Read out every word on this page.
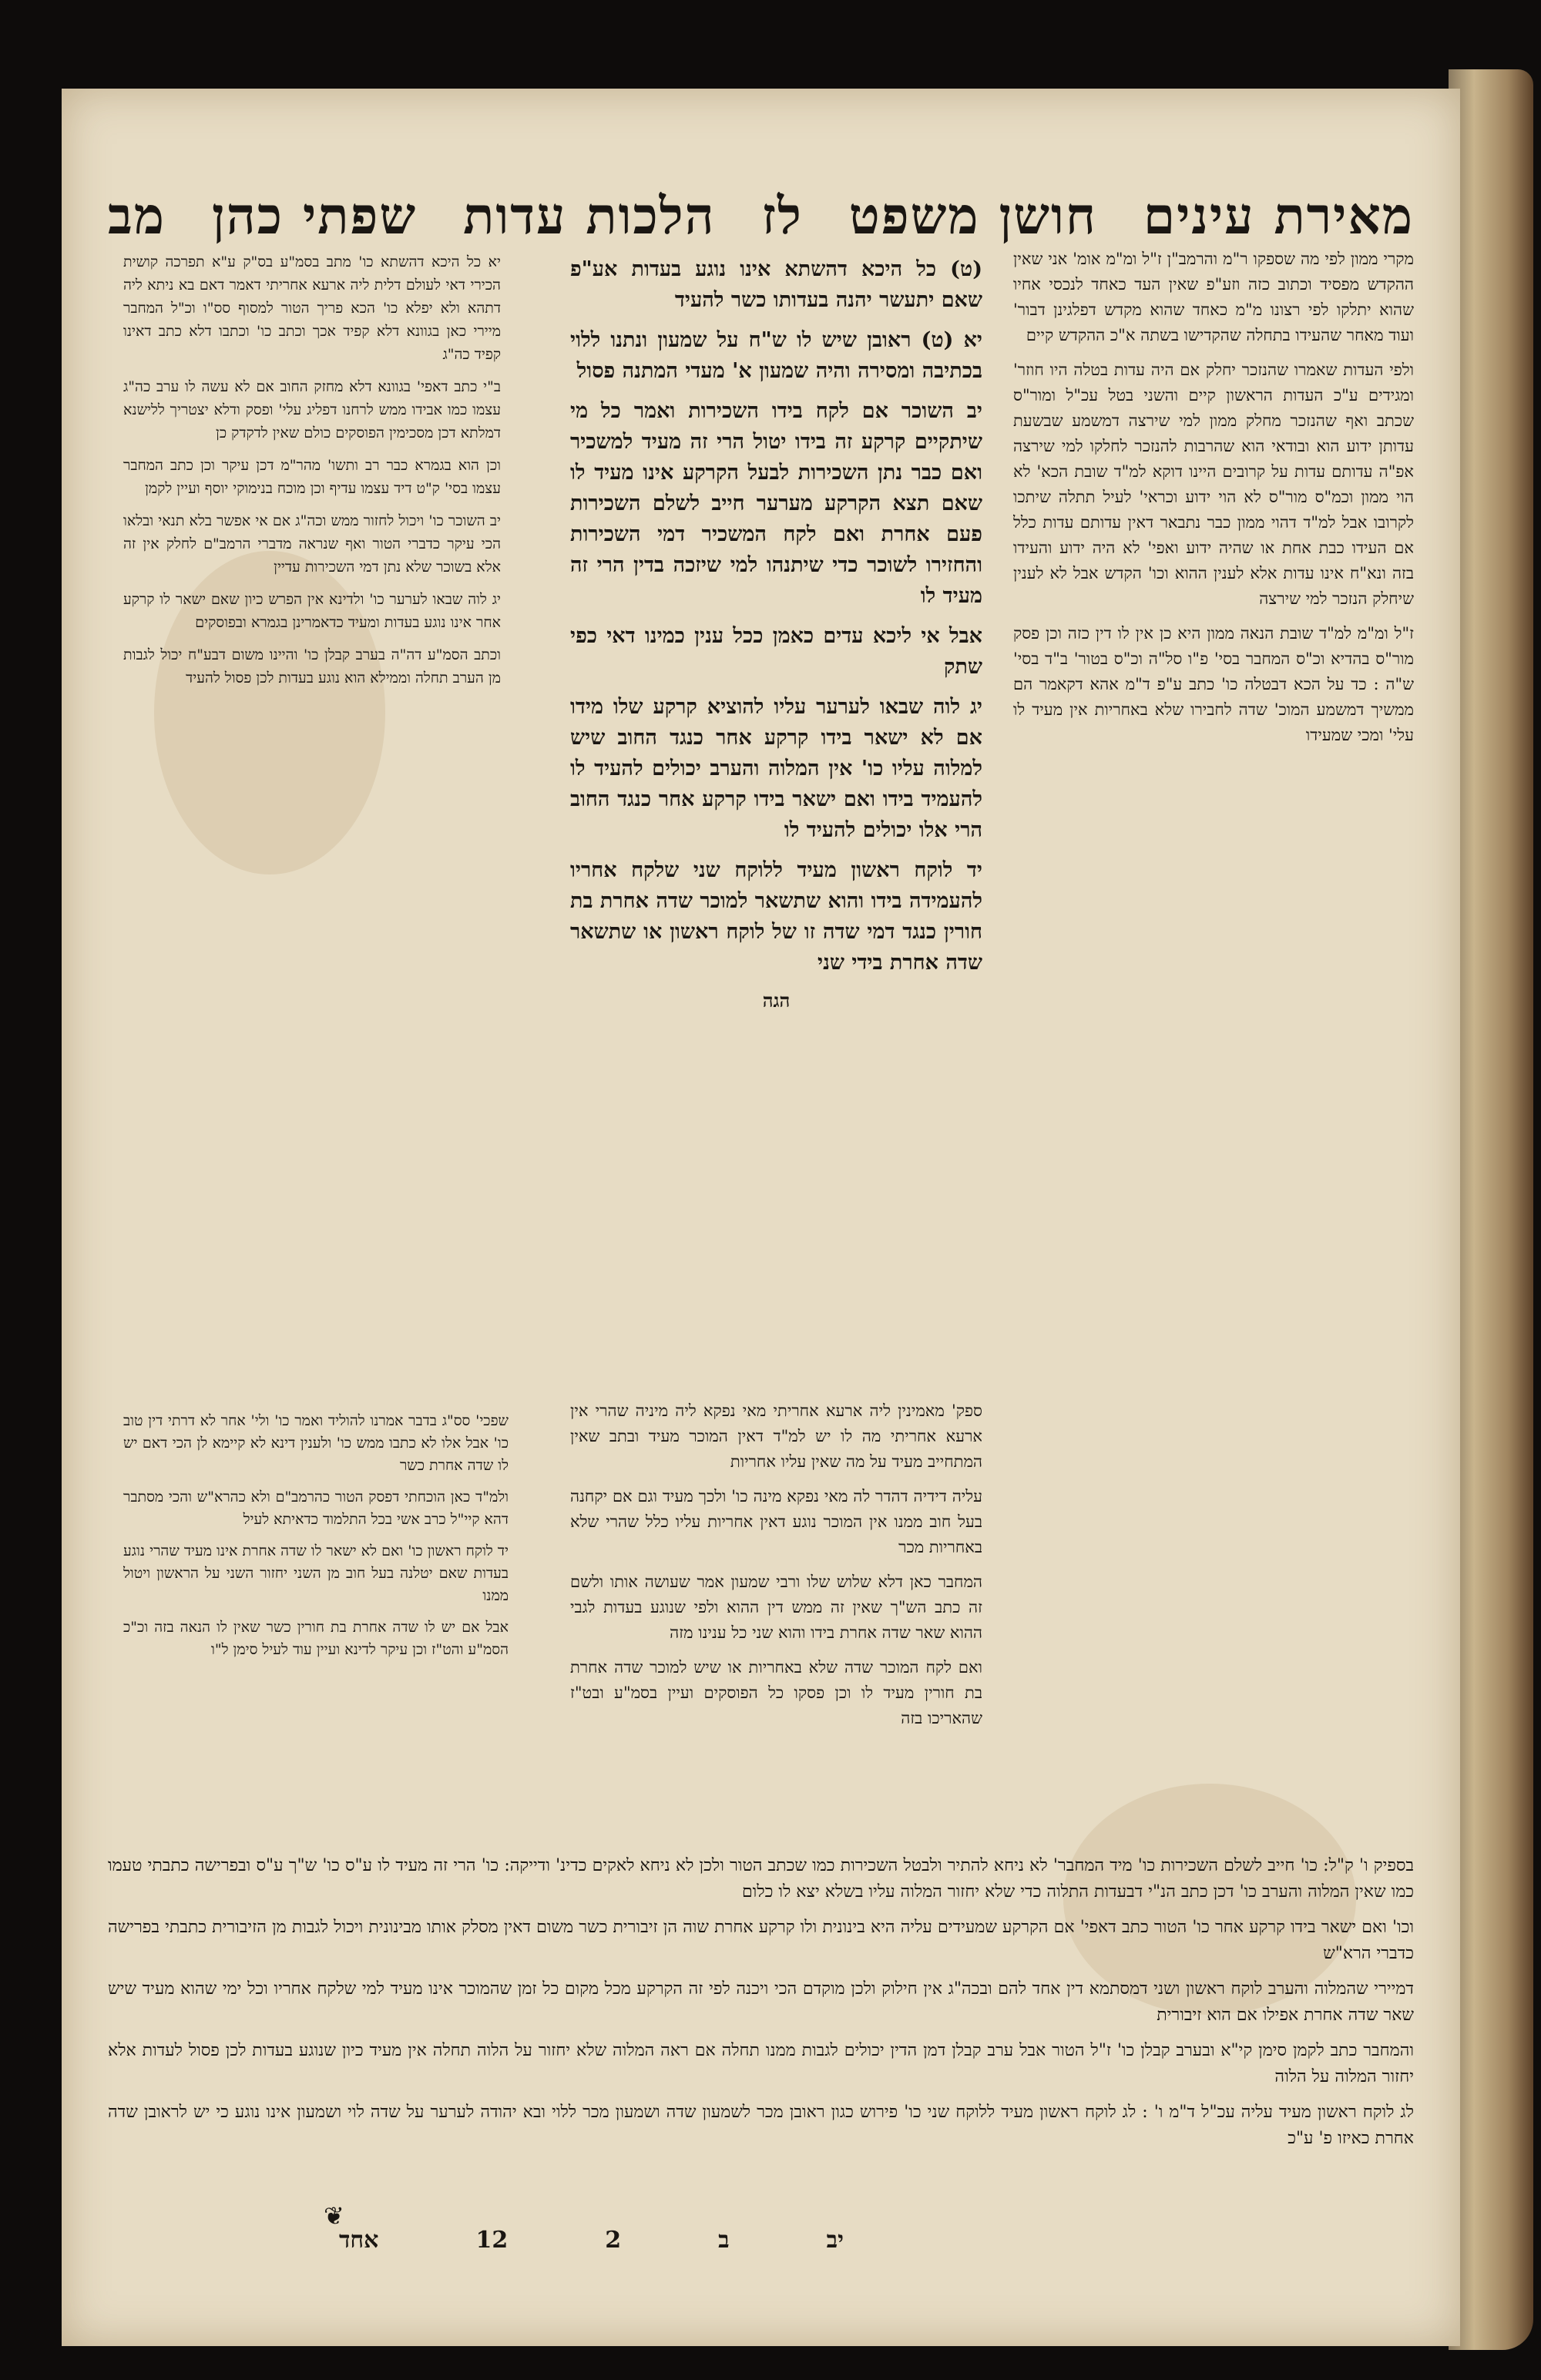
מאירת עינים
חושן משפט
לז
הלכות עדות
שפתי כהן
מב

מקרי ממון לפי מה שספקו ר"מ והרמב"ן ז"ל ומ"מ אומ' אני שאין ההקדש מפסיד וכתוב כזה וזע"פ שאין העד כאחד לנכסי אחיו שהוא יתלקו לפי רצונו מ"מ כאחד שהוא מקדש דפלגינן דבור' ועוד מאחר שהעידו בתחלה שהקדישו בשתה א"כ ההקדש קיים

ולפי העדות שאמרו שהנזכר יחלק אם היה עדות בטלה היו חוזר' ומגידים ע"כ העדות הראשון קיים והשני בטל עכ"ל ומור"ס שכתב ואף שהנזכר מחלק ממון למי שירצה דמשמע שבשעת עדותן ידוע הוא ובודאי הוא שהרבות להנזכר לחלקו למי שירצה אפ"ה עדותם עדות על קרובים היינו דוקא למ"ד שובת הכא' לא הוי ממון וכמ"ס מור"ס לא הוי ידוע וכראי' לעיל תתלה שיתכו לקרובו אבל למ"ד דהוי ממון כבר נתבאר דאין עדותם עדות כלל אם העידו כבת אחת או שהיה ידוע ואפי' לא היה ידוע והעידו בזה ונא"ח אינו עדות אלא לענין ההוא וכו' הקדש אבל לא לענין שיחלק הנזכר למי שירצה

ז"ל ומ"מ למ"ד שובת הנאה ממון היא כן אין לו דין כזה וכן פסק מור"ס בהדיא וכ"ס המחבר בסי' פ"ו סל"ה וכ"ס בטור' ב"ד בסי' ש"ה : כד על הכא דבטלה כו' כתב ע"פ ד"מ אהא דקאמר הם ממשיך דמשמע המוכ' שדה לחבירו שלא באחריות אין מעיד לו עלי' ומכי שמעידו

(ט) כל היכא דהשתא אינו נוגע בעדות אע"פ שאם יתעשר יהנה בעדותו כשר להעיד

יא (ט) ראובן שיש לו ש"ח על שמעון ונתנו ללוי בכתיבה ומסירה והיה שמעון א' מעדי המתנה פסול

יב השוכר אם לקח בידו השכירות ואמר כל מי שיתקיים קרקע זה בידו יטול הרי זה מעיד למשכיר ואם כבר נתן השכירות לבעל הקרקע אינו מעיד לו שאם תצא הקרקע מערער חייב לשלם השכירות פעם אחרת ואם לקח המשכיר דמי השכירות והחזירו לשוכר כדי שיתנהו למי שיזכה בדין הרי זה מעיד לו

אבל אי ליכא עדים כאמן ככל ענין כמינו דאי כפי שתק

יג לוה שבאו לערער עליו להוציא קרקע שלו מידו אם לא ישאר בידו קרקע אחר כנגד החוב שיש למלוה עליו כו' אין המלוה והערב יכולים להעיד לו להעמיד בידו ואם ישאר בידו קרקע אחר כנגד החוב הרי אלו יכולים להעיד לו

יד לוקח ראשון מעיד ללוקח שני שלקח אחריו להעמידה בידו והוא שתשאר למוכר שדה אחרת בת חורין כנגד דמי שדה זו של לוקח ראשון או שתשאר שדה אחרת בידי שני

הגה

יא כל היכא דהשתא כו' מתב בסמ"ע בס"ק ע"א תפרכה קושית הכירי דאי לעולם דלית ליה ארעא אחריתי דאמר דאם בא ניתא ליה דתהא ולא יפלא כו' הכא פריך הטור למסוף סס"ו וכ"ל המחבר מיירי כאן בגוונא דלא קפיד אכך וכתב כו' וכתבו דלא כתב דאינו קפיד כה"ג

ב"י כתב דאפי' בגוונא דלא מחזק החוב אם לא עשה לו ערב כה"ג עצמו כמו אבידו ממש לרחנו דפליג עלי' ופסק ודלא יצטריך ללישנא דמלתא דכן מסכימין הפוסקים כולם שאין לדקדק כן

וכן הוא בגמרא כבר רב ותשו' מהר"מ דכן עיקר וכן כתב המחבר עצמו בסי' ק"ט דיד עצמו עדיף וכן מוכח בנימוקי יוסף ועיין לקמן

יב השוכר כו' ויכול לחזור ממש וכה"ג אם אי אפשר בלא תנאי ובלאו הכי עיקר כדברי הטור ואף שנראה מדברי הרמב"ם לחלק אין זה אלא בשוכר שלא נתן דמי השכירות עדיין

יג לוה שבאו לערער כו' ולדינא אין הפרש כיון שאם ישאר לו קרקע אחר אינו נוגע בעדות ומעיד כדאמרינן בגמרא ובפוסקים

וכתב הסמ"ע דה"ה בערב קבלן כו' והיינו משום דבע"ח יכול לגבות מן הערב תחלה וממילא הוא נוגע בעדות לכן פסול להעיד

ספק' מאמינין ליה ארעא אחריתי מאי נפקא ליה מיניה שהרי אין ארעא אחריתי מה לו יש למ"ד דאין המוכר מעיד ובתב שאין המתחייב מעיד על מה שאין עליו אחריות

עליה דידיה דהדר לה מאי נפקא מינה כו' ולכך מעיד וגם אם יקחנה בעל חוב ממנו אין המוכר נוגע דאין אחריות עליו כלל שהרי שלא באחריות מכר

המחבר כאן דלא שלוש שלו ורבי שמעון אמר שעושה אותו ולשם זה כתב הש"ך שאין זה ממש דין ההוא ולפי שנוגע בעדות לגבי ההוא שאר שדה אחרת בידו והוא שני כל ענינו מזה

ואם לקח המוכר שדה שלא באחריות או שיש למוכר שדה אחרת בת חורין מעיד לו וכן פסקו כל הפוסקים ועיין בסמ"ע ובט"ז שהאריכו בזה

שפכי' סס"ג בדבר אמרנו להוליד ואמר כו' ולי' אחר לא דרתי דין טוב כו' אבל אלו לא כתבו ממש כו' ולענין דינא לא קיימא לן הכי דאם יש לו שדה אחרת כשר

ולמ"ד כאן הוכחתי דפסק הטור כהרמב"ם ולא כהרא"ש והכי מסתבר דהא קיי"ל כרב אשי בכל התלמוד כדאיתא לעיל

יד לוקח ראשון כו' ואם לא ישאר לו שדה אחרת אינו מעיד שהרי נוגע בעדות שאם יטלנה בעל חוב מן השני יחזור השני על הראשון ויטול ממנו

אבל אם יש לו שדה אחרת בת חורין כשר שאין לו הנאה בזה וכ"כ הסמ"ע והט"ז וכן עיקר לדינא ועיין עוד לעיל סימן ל"ו

בספיק ו' ק"ל: כו' חייב לשלם השכירות כו' מיד המחבר' לא ניחא להתיר ולבטל השכירות כמו שכתב הטור ולכן לא ניחא לאקים כדינ' ודייקה: כו' הרי זה מעיד לו ע"ס כו' ש"ך ע"ס ובפרישה כתבתי טעמו כמו שאין המלוה והערב כו' דכן כתב הנ"י דבעדות התלוה כדי שלא יחזור המלוה עליו בשלא יצא לו כלום

וכו' ואם ישאר בידו קרקע אחר כו' הטור כתב דאפי' אם הקרקע שמעידים עליה היא בינונית ולו קרקע אחרת שוה הן זיבורית כשר משום דאין מסלק אותו מבינונית ויכול לגבות מן הזיבורית כתבתי בפרישה כדברי הרא"ש

דמיירי שהמלוה והערב לוקח ראשון ושני דמסתמא דין אחד להם ובכה"ג אין חילוק ולכן מוקדם הכי ויכנה לפי זה הקרקע מכל מקום כל זמן שהמוכר אינו מעיד למי שלקח אחריו וכל ימי שהוא מעיד שיש שאר שדה אחרת אפילו אם הוא זיבורית

והמחבר כתב לקמן סימן קי"א ובערב קבלן כו' ז"ל הטור אבל ערב קבלן דמן הדין יכולים לגבות ממנו תחלה אם ראה המלוה שלא יחזור על הלוה תחלה אין מעיד כיון שנוגע בעדות לכן פסול לעדות אלא יחזור המלוה על הלוה

לג לוקח ראשון מעיד עליה עכ"ל ד"מ ו' : לג לוקח ראשון מעיד ללוקח שני כו' פירוש כגון ראובן מכר לשמעון שדה ושמעון מכר ללוי ובא יהודה לערער על שדה לוי ושמעון אינו נוגע כי יש לראובן שדה אחרת כאיזו פ' ע"כ

❦
יב
ב
2
12
אחד
